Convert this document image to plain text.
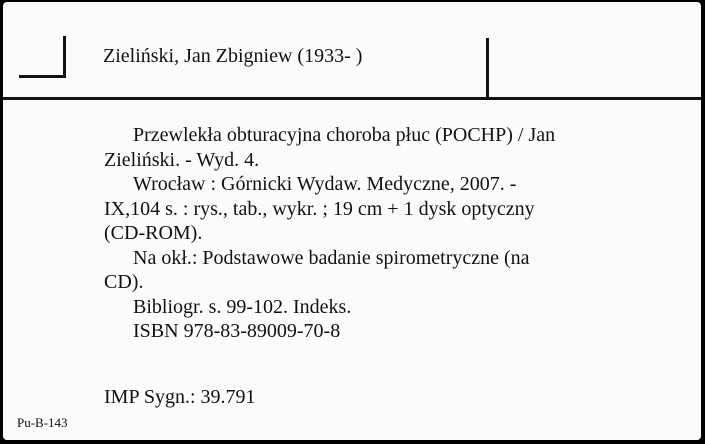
Zieliński, Jan Zbigniew (1933- )
Przewlekła obturacyjna choroba płuc (POCHP) / Jan
Zieliński. - Wyd. 4.
Wrocław : Górnicki Wydaw. Medyczne, 2007. -
IX,104 s. : rys., tab., wykr. ; 19 cm + 1 dysk optyczny
(CD-ROM).
Na okł.: Podstawowe badanie spirometryczne (na
CD).
Bibliogr. s. 99-102. Indeks.
ISBN 978-83-89009-70-8
IMP Sygn.: 39.791
Pu-B-143
